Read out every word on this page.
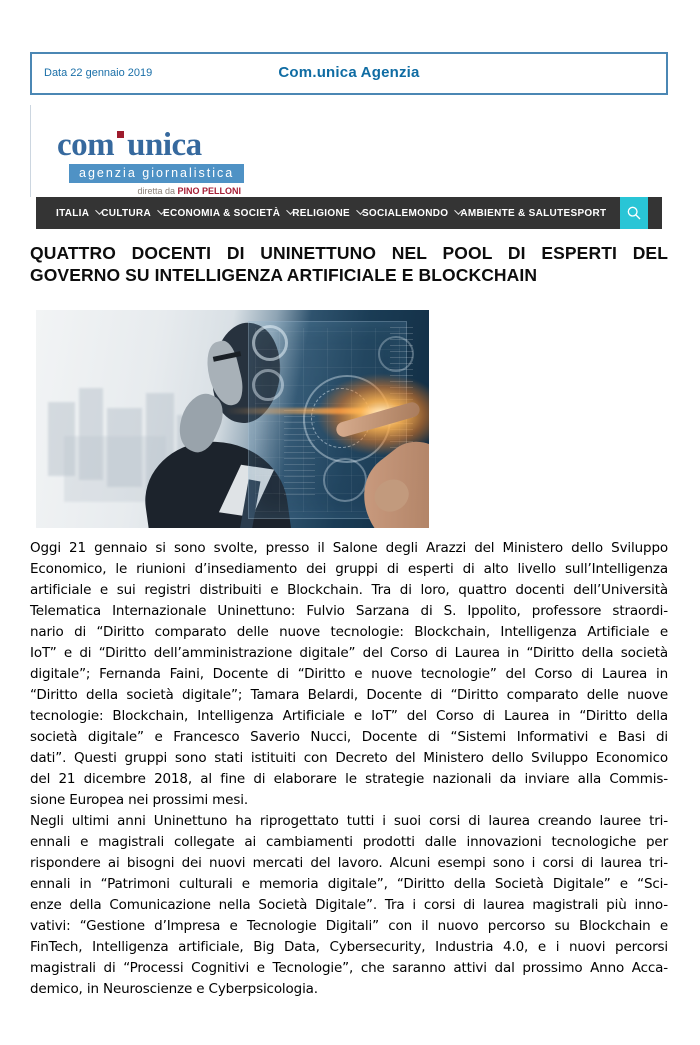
Data 22 gennaio 2019	Com.unica Agenzia
com unica
agenzia giornalistica
diretta da PINO PELLONI
ITALIA CULTURA ECONOMIA & SOCIETÀ RELIGIONE SOCIALE MONDO AMBIENTE & SALUTE SPORT
QUATTRO DOCENTI DI UNINETTUNO NEL POOL DI ESPERTI DEL
GOVERNO SU INTELLIGENZA ARTIFICIALE E BLOCKCHAIN
Oggi 21 gennaio si sono svolte, presso il Salone degli Arazzi del Ministero dello Sviluppo
Economico, le riunioni d’insediamento dei gruppi di esperti di alto livello sull’Intelligenza
artificiale e sui registri distribuiti e Blockchain. Tra di loro, quattro docenti dell’Università
Telematica Internazionale Uninettuno: Fulvio Sarzana di S. Ippolito, professore straordi-
nario di “Diritto comparato delle nuove tecnologie: Blockchain, Intelligenza Artificiale e
IoT” e di “Diritto dell’amministrazione digitale” del Corso di Laurea in “Diritto della società
digitale”; Fernanda Faini, Docente di “Diritto e nuove tecnologie” del Corso di Laurea in
“Diritto della società digitale”; Tamara Belardi, Docente di “Diritto comparato delle nuove
tecnologie: Blockchain, Intelligenza Artificiale e IoT” del Corso di Laurea in “Diritto della
società digitale” e Francesco Saverio Nucci, Docente di “Sistemi Informativi e Basi di
dati”. Questi gruppi sono stati istituiti con Decreto del Ministero dello Sviluppo Economico
del 21 dicembre 2018, al fine di elaborare le strategie nazionali da inviare alla Commis-
sione Europea nei prossimi mesi.
Negli ultimi anni Uninettuno ha riprogettato tutti i suoi corsi di laurea creando lauree tri-
ennali e magistrali collegate ai cambiamenti prodotti dalle innovazioni tecnologiche per
rispondere ai bisogni dei nuovi mercati del lavoro. Alcuni esempi sono i corsi di laurea tri-
ennali in “Patrimoni culturali e memoria digitale”, “Diritto della Società Digitale” e “Sci-
enze della Comunicazione nella Società Digitale”. Tra i corsi di laurea magistrali più inno-
vativi: “Gestione d’Impresa e Tecnologie Digitali” con il nuovo percorso su Blockchain e
FinTech, Intelligenza artificiale, Big Data, Cybersecurity, Industria 4.0, e i nuovi percorsi
magistrali di “Processi Cognitivi e Tecnologie”, che saranno attivi dal prossimo Anno Acca-
demico, in Neuroscienze e Cyberpsicologia.
